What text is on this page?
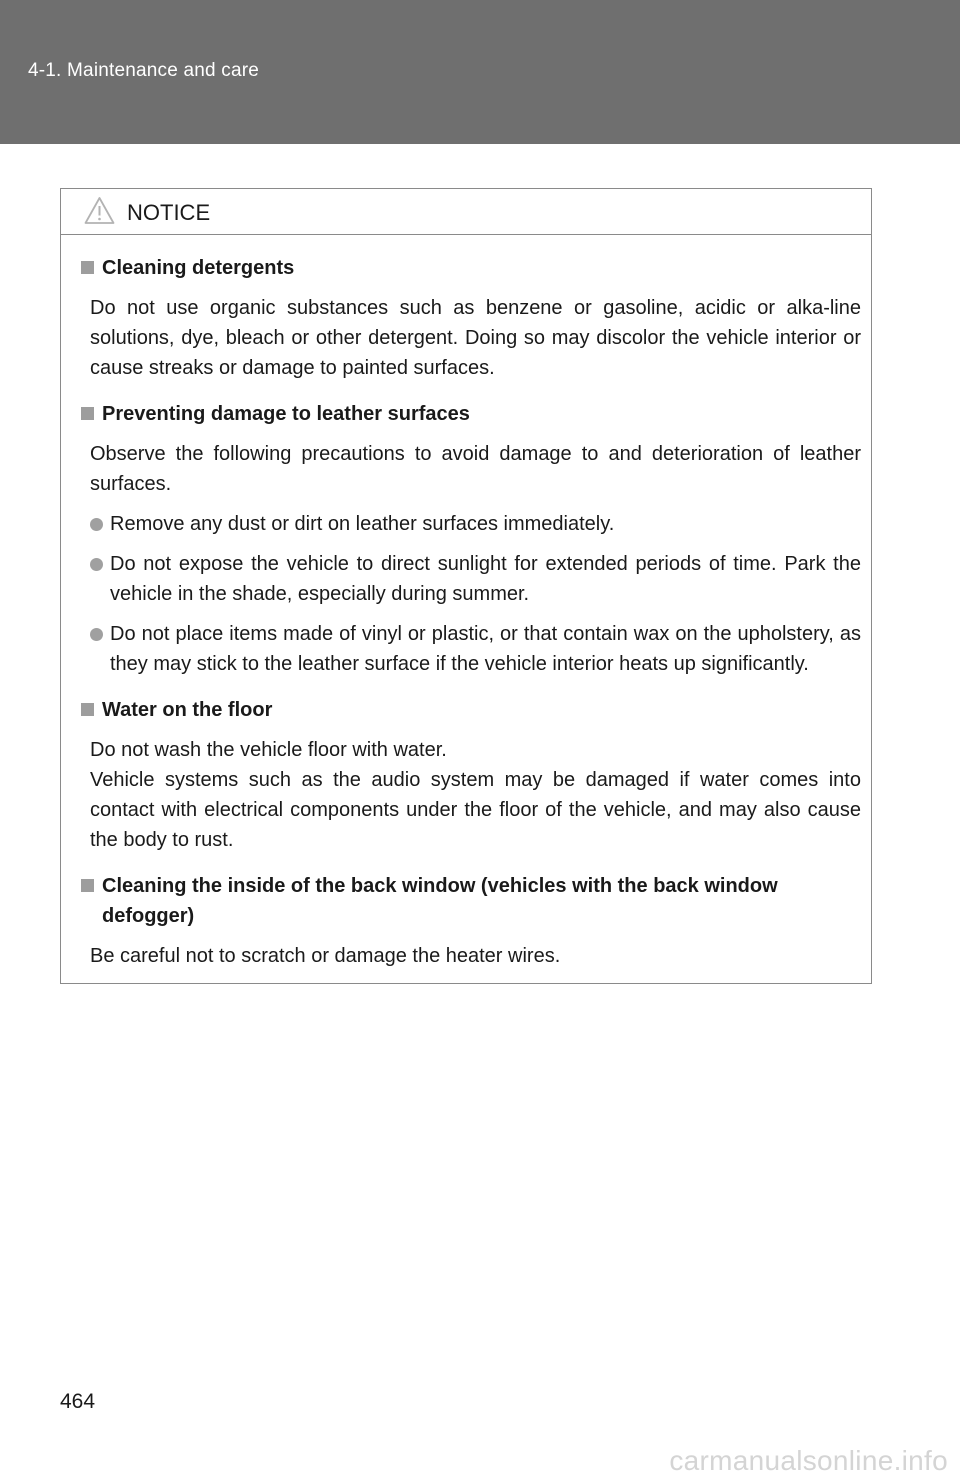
4-1. Maintenance and care
NOTICE
Cleaning detergents
Do not use organic substances such as benzene or gasoline, acidic or alka-line solutions, dye, bleach or other detergent. Doing so may discolor the vehicle interior or cause streaks or damage to painted surfaces.
Preventing damage to leather surfaces
Observe the following precautions to avoid damage to and deterioration of leather surfaces.
Remove any dust or dirt on leather surfaces immediately.
Do not expose the vehicle to direct sunlight for extended periods of time. Park the vehicle in the shade, especially during summer.
Do not place items made of vinyl or plastic, or that contain wax on the upholstery, as they may stick to the leather surface if the vehicle interior heats up significantly.
Water on the floor
Do not wash the vehicle floor with water.
Vehicle systems such as the audio system may be damaged if water comes into contact with electrical components under the floor of the vehicle, and may also cause the body to rust.
Cleaning the inside of the back window (vehicles with the back window defogger)
Be careful not to scratch or damage the heater wires.
464
carmanualsonline.info
